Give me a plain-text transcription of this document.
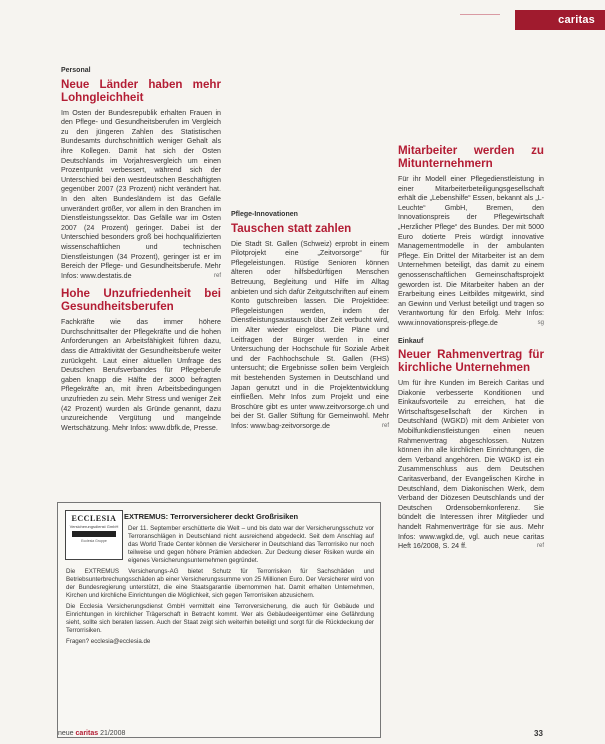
caritas
Personal
Neue Länder haben mehr Lohngleichheit
Im Osten der Bundesrepublik erhalten Frauen in den Pflege- und Gesundheitsberufen im Vergleich zu den jüngeren Zahlen des Statistischen Bundesamts durchschnittlich weniger Gehalt als ihre Kollegen. Damit hat sich der Osten Deutschlands im Vorjahresvergleich um einen Prozentpunkt verbessert, während sich der Unterschied bei den westdeutschen Beschäftigten gegenüber 2007 (23 Prozent) nicht verändert hat. In den alten Bundesländern ist das Gefälle unverändert größer, vor allem in den Branchen im Dienstleistungssektor. Das Gefälle war im Osten 2007 (24 Prozent) geringer. Dabei ist der Unterschied besonders groß bei hochqualifizierten wissenschaftlichen und technischen Dienstleistungen (34 Prozent), geringer ist er im Bereich der Pflege- und Gesundheitsberufe. Mehr Infos: www.destatis.de	ref
Hohe Unzufriedenheit bei Gesundheitsberufen
Fachkräfte wie das immer höhere Durchschnittsalter der Pflegekräfte und die hohen Anforderungen an Arbeitsfähigkeit führen dazu, dass die Attraktivität der Gesundheitsberufe weiter zurückgeht. Laut einer aktuellen Umfrage des Deutschen Berufsverbandes für Pflegeberufe gaben knapp die Hälfte der 3000 befragten Pflegekräfte an, mit ihren Arbeitsbedingungen unzufrieden zu sein. Mehr Stress und weniger Zeit (42 Prozent) wurden als Gründe genannt, dazu unzureichende Vergütung und mangelnde Wertschätzung. Mehr Infos: www.dbfk.de, Presse.
Pflege-Innovationen
Tauschen statt zahlen
Die Stadt St. Gallen (Schweiz) erprobt in einem Pilotprojekt eine „Zeitvorsorge“ für Pflegeleistungen. Rüstige Senioren können älteren oder hilfsbedürftigen Menschen Betreuung, Begleitung und Hilfe im Alltag anbieten und sich dafür Zeitgutschriften auf einem Konto gutschreiben lassen. Die Projektidee: Pflegeleistungen werden, indem der Dienstleistungsaustausch über Zeit verbucht wird, im Alter wieder eingelöst. Die Pläne und Leitfragen der Bürger werden in einer Untersuchung der Hochschule für Soziale Arbeit und der Fachhochschule St. Gallen (FHS) untersucht; die Ergebnisse sollen beim Vergleich mit bestehenden Systemen in Deutschland und Japan genutzt und in die Projektentwicklung einfließen. Mehr Infos zum Projekt und eine Broschüre gibt es unter www.zeitvorsorge.ch und bei der St. Galler Stiftung für Gemeinwohl. Mehr Infos: www.bag-zeitvorsorge.de	ref
Mitarbeiter werden zu Mitunternehmern
Für ihr Modell einer Pflegedienstleistung in einer Mitarbeiterbeteiligungsgesellschaft erhält die „Lebenshilfe“ Essen, bekannt als „L-Leuchte“ GmbH, Bremen, den Innovationspreis der Pflegewirtschaft „Herzlicher Pflege“ des Bundes. Der mit 5000 Euro dotierte Preis würdigt innovative Managementmodelle in der ambulanten Pflege. Ein Drittel der Mitarbeiter ist an dem Unternehmen beteiligt, das damit zu einem genossenschaftlichen Gemeinschaftsprojekt geworden ist. Die Mitarbeiter haben an der Erarbeitung eines Leitbildes mitgewirkt, sind an Gewinn und Verlust beteiligt und tragen so Verantwortung für den Erfolg. Mehr Infos: www.innovationspreis-pflege.de	sg
Einkauf
Neuer Rahmenvertrag für kirchliche Unternehmen
Um für ihre Kunden im Bereich Caritas und Diakonie verbesserte Konditionen und Einkaufsvorteile zu erreichen, hat die Wirtschaftsgesellschaft der Kirchen in Deutschland (WGKD) mit dem Anbieter von Mobilfunkdienstleistungen einen neuen Rahmenvertrag abgeschlossen. Nutzen können ihn alle kirchlichen Einrichtungen, die dem Verband angehören. Die WGKD ist ein Zusammenschluss aus dem Deutschen Caritasverband, der Evangelischen Kirche in Deutschland, dem Diakonischen Werk, dem Verband der Diözesen Deutschlands und der Deutschen Ordensobernkonferenz. Sie bündelt die Interessen ihrer Mitglieder und handelt Rahmenverträge für sie aus. Mehr Infos: www.wgkd.de, vgl. auch neue caritas Heft 16/2008, S. 24 ff.	ref
ECCLESIA
Versicherungsdienst GmbH
Ecclesia Gruppe
EXTREMUS: Terrorversicherer deckt Großrisiken
Der 11. September erschütterte die Welt – und bis dato war der Versicherungsschutz vor Terroranschlägen in Deutschland nicht ausreichend abgedeckt. Seit dem Anschlag auf das World Trade Center können die Versicherer in Deutschland das Terrorrisiko nur noch teilweise und gegen höhere Prämien abdecken. Zur Deckung dieser Risiken wurde ein eigenes Versicherungsunternehmen gegründet.
Die EXTREMUS Versicherungs-AG bietet Schutz für Terrorrisiken für Sachschäden und Betriebsunterbrechungsschäden ab einer Versicherungssumme von 25 Millionen Euro. Der Versicherer wird von der Bundesregierung unterstützt, die eine Staatsgarantie übernommen hat. Damit erhalten Unternehmen, Kirchen und kirchliche Einrichtungen die Möglichkeit, sich gegen Terrorrisiken abzusichern.
Die Ecclesia Versicherungsdienst GmbH vermittelt eine Terrorversicherung, die auch für Gebäude und Einrichtungen in kirchlicher Trägerschaft in Betracht kommt. Wer als Gebäudeeigentümer eine Gefährdung sieht, sollte sich beraten lassen. Auch der Staat zeigt sich weiterhin beteiligt und sorgt für die Rückdeckung der Terrorrisiken.
Fragen? ecclesia@ecclesia.de
neue caritas 21/2008	33
